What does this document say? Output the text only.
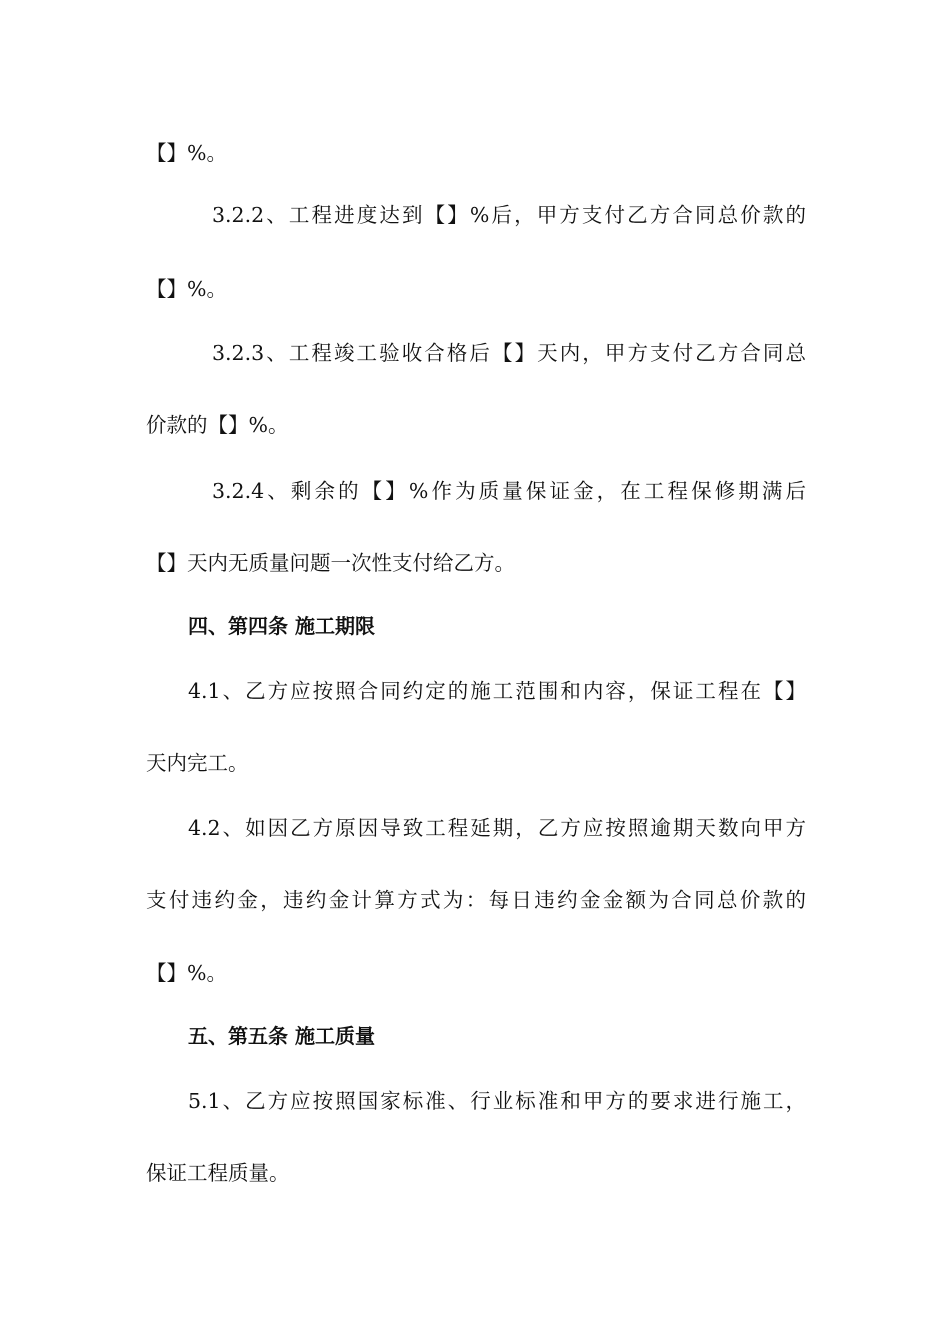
【】%。
3.2.2、工程进度达到【】%后，甲方支付乙方合同总价款的
【】%。
3.2.3、工程竣工验收合格后【】天内，甲方支付乙方合同总
价款的【】%。
3.2.4、剩余的【】%作为质量保证金，在工程保修期满后
【】天内无质量问题一次性支付给乙方。
四、第四条 施工期限
4.1、乙方应按照合同约定的施工范围和内容，保证工程在【】
天内完工。
4.2、如因乙方原因导致工程延期，乙方应按照逾期天数向甲方
支付违约金，违约金计算方式为：每日违约金金额为合同总价款的
【】%。
五、第五条 施工质量
5.1、乙方应按照国家标准、行业标准和甲方的要求进行施工，
保证工程质量。
